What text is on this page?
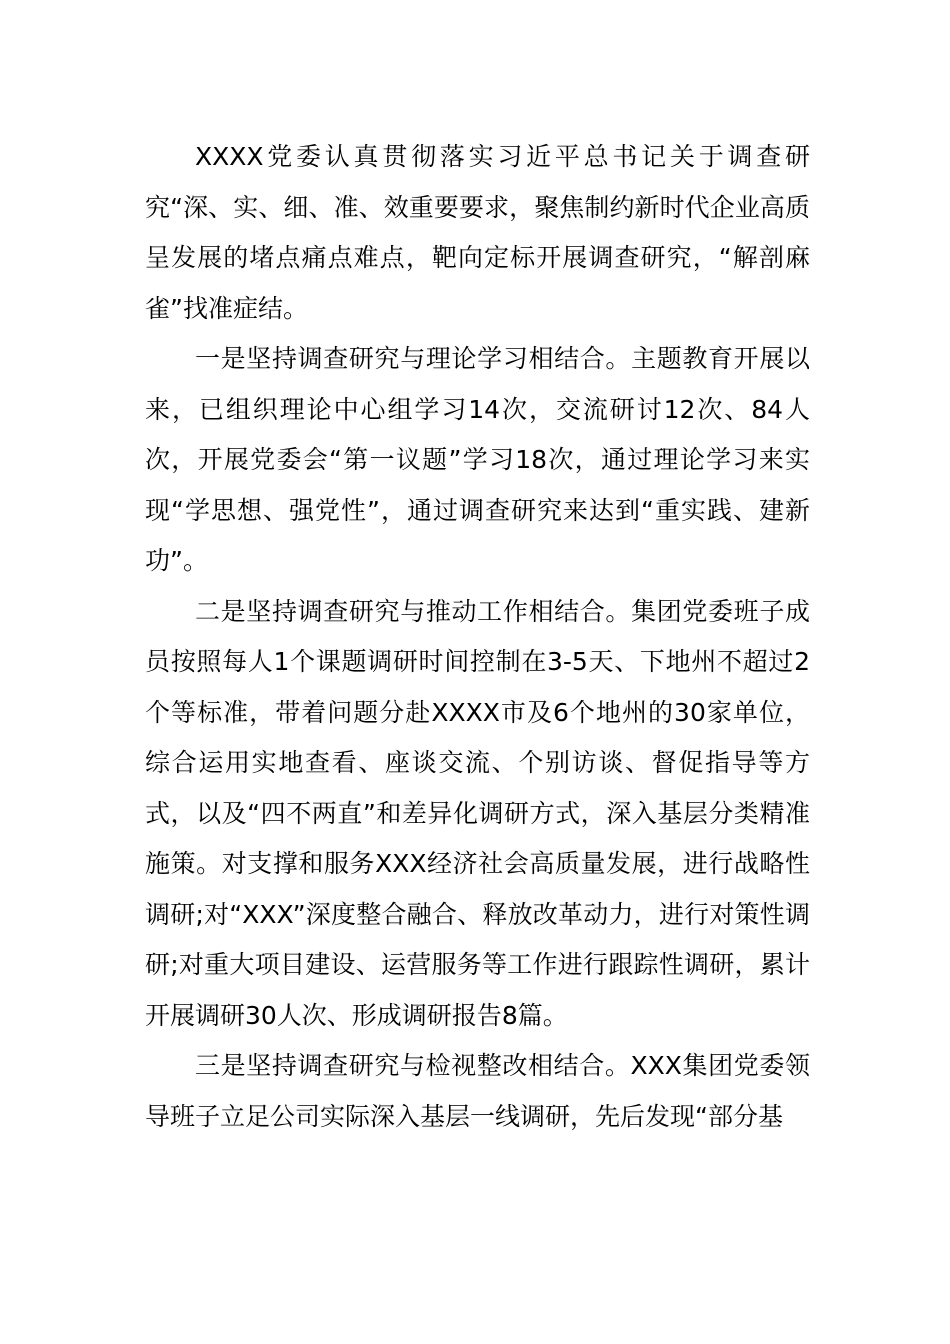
XXXX党委认真贯彻落实习近平总书记关于调查研究“深、实、细、准、效重要要求，聚焦制约新时代企业高质呈发展的堵点痛点难点，靶向定标开展调查研究，“解剖麻雀”找准症结。

一是坚持调查研究与理论学习相结合。主题教育开展以来，已组织理论中心组学习14次，交流研讨12次、84人次，开展党委会“第一议题”学习18次，通过理论学习来实现“学思想、强党性”，通过调查研究来达到“重实践、建新功”。

二是坚持调查研究与推动工作相结合。集团党委班子成员按照每人1个课题调研时间控制在3-5天、下地州不超过2个等标准，带着问题分赴XXXX市及6个地州的30家单位，综合运用实地查看、座谈交流、个别访谈、督促指导等方式，以及“四不两直”和差异化调研方式，深入基层分类精准施策。对支撑和服务XXX经济社会高质量发展，进行战略性调研;对“XXX”深度整合融合、释放改革动力，进行对策性调研;对重大项目建设、运营服务等工作进行跟踪性调研，累计开展调研30人次、形成调研报告8篇。

三是坚持调查研究与检视整改相结合。XXX集团党委领导班子立足公司实际深入基层一线调研，先后发现“部分基
